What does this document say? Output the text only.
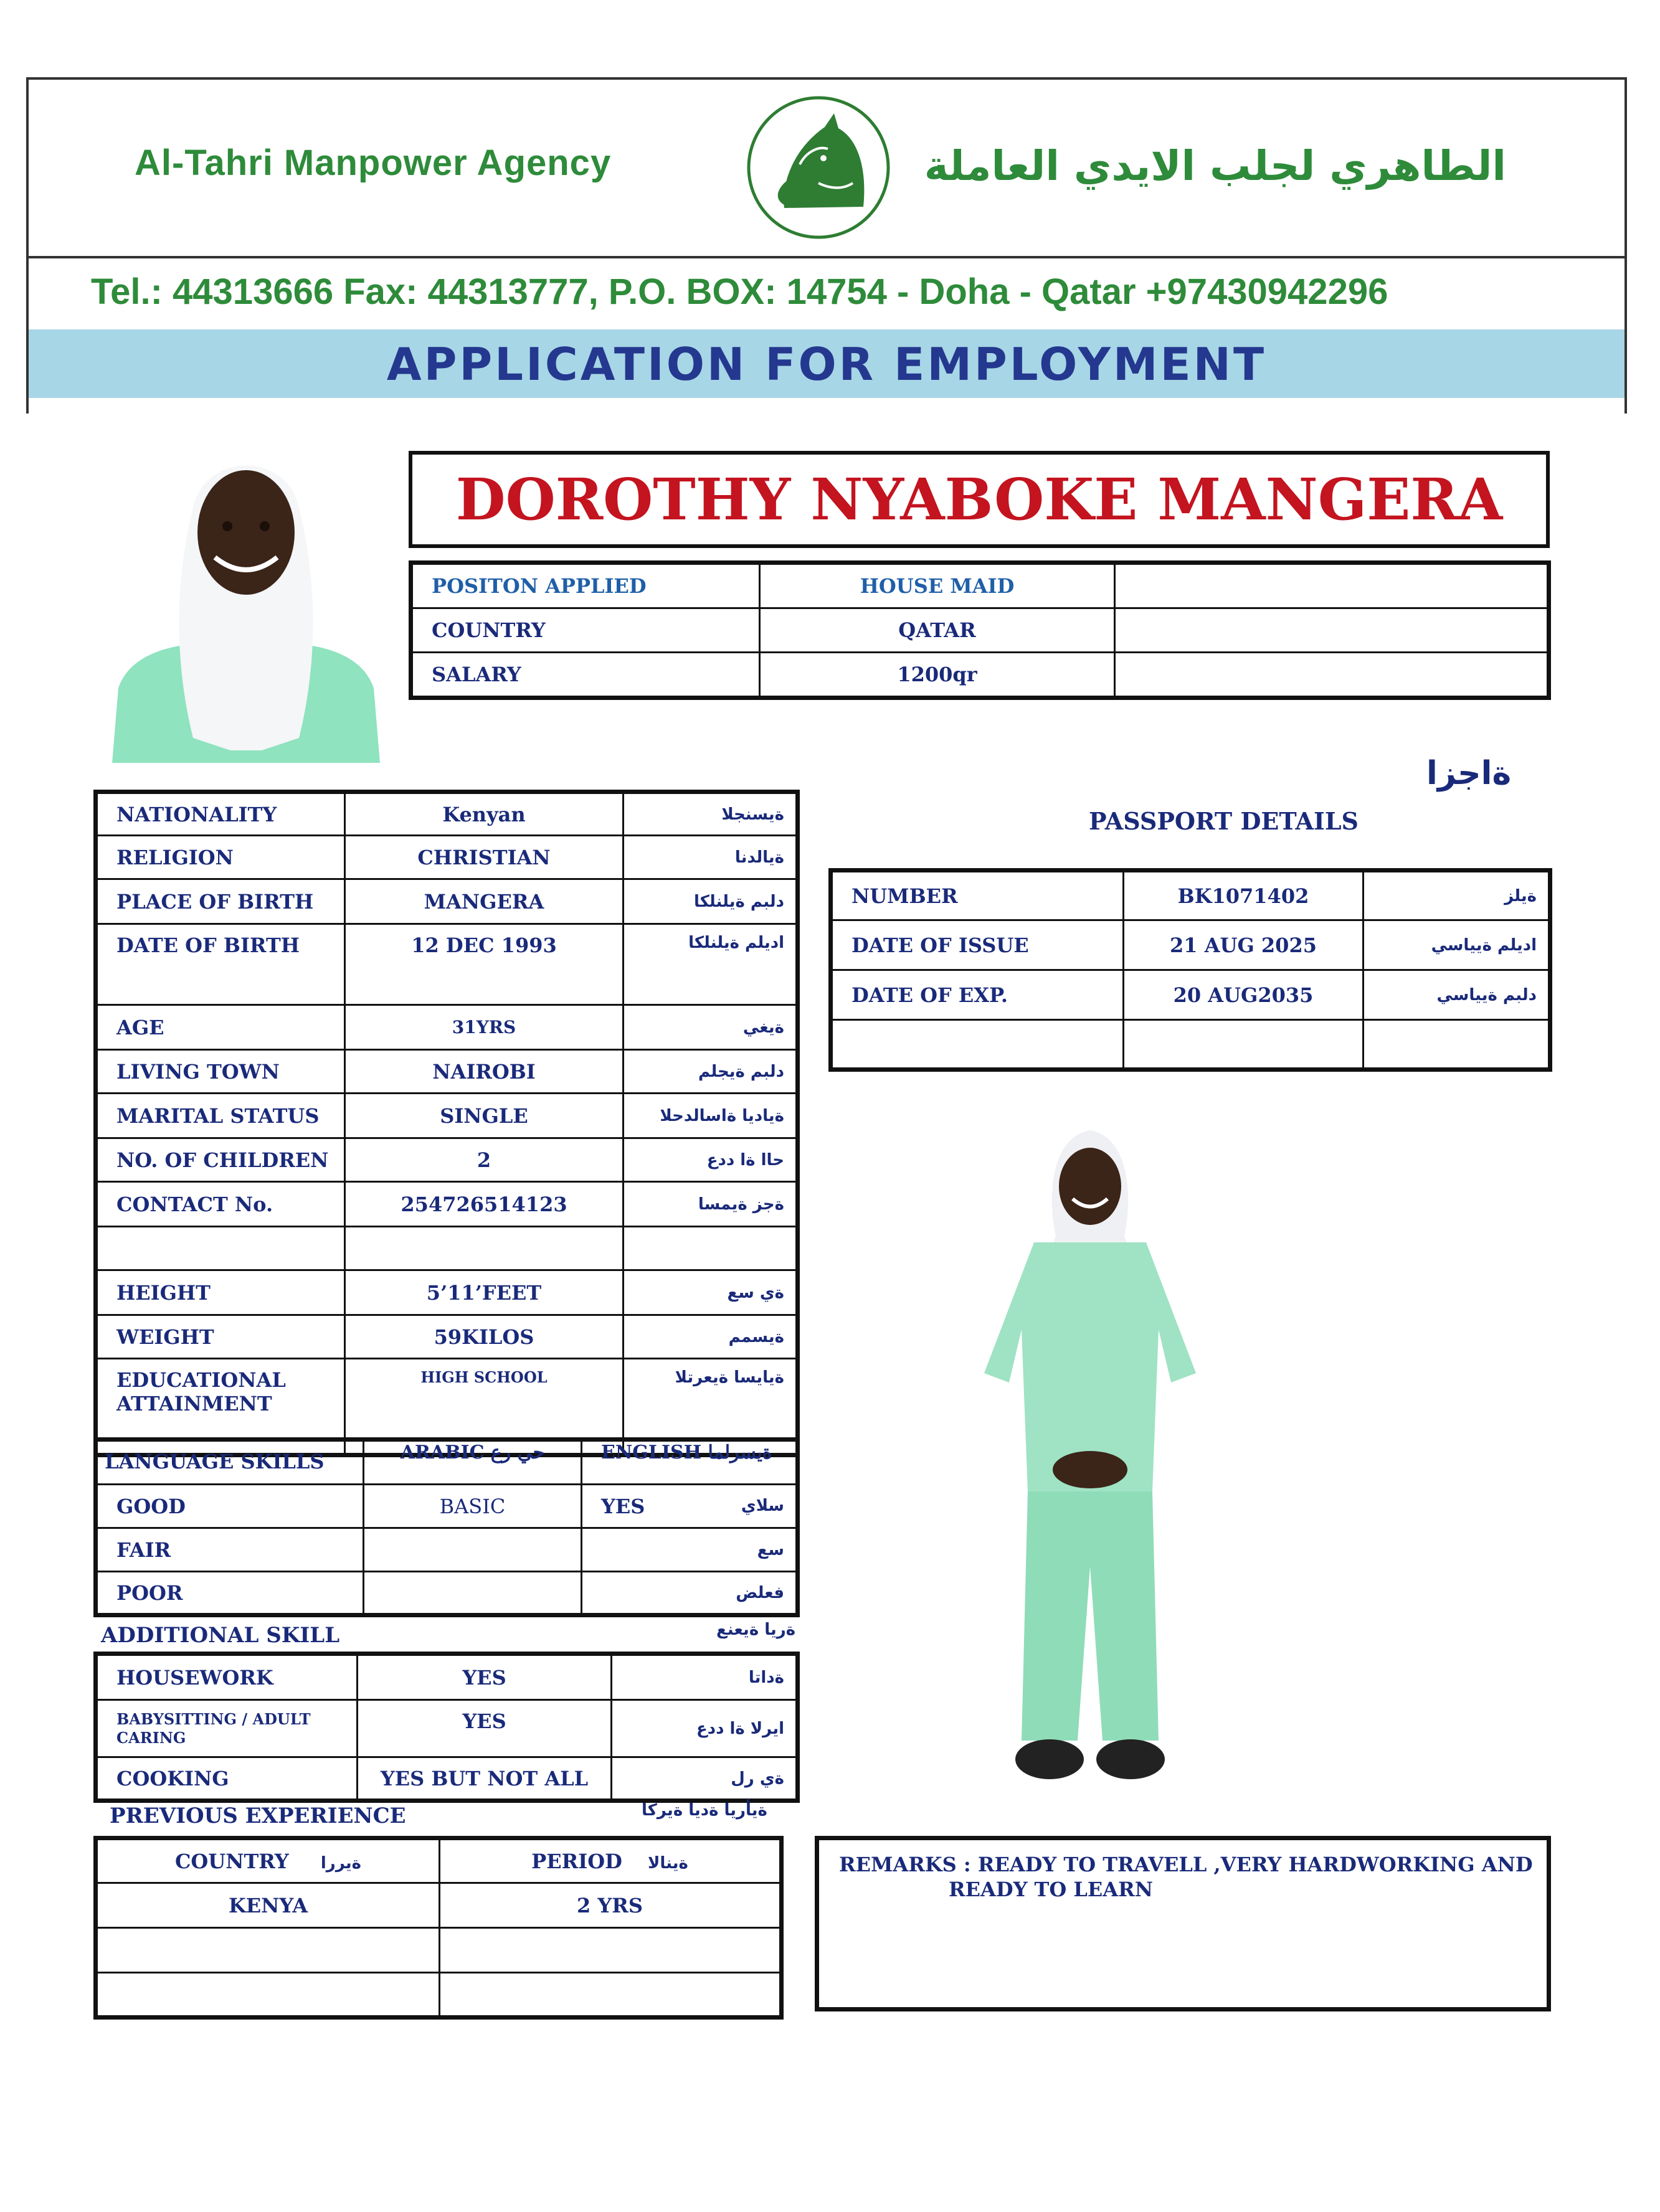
Al-Tahri Manpower Agency	الطاهري لجلب الايدي العاملة
Tel.: 44313666 Fax: 44313777, P.O. BOX: 14754 - Doha - Qatar +97430942296
APPLICATION FOR EMPLOYMENT
DOROTHY NYABOKE MANGERA
POSITON APPLIED	HOUSE MAID	
COUNTRY	QATAR	
SALARY	1200qr	
NATIONALITY	Kenyan	ةيسنجلا
RELIGION	CHRISTIAN	ةيالدنا
PLACE OF BIRTH	MANGERA	دلبم ةيلنلكا
DATE OF BIRTH	12 DEC 1993	اديلم ةيلنلكا
AGE	31YRS	ةيغي
LIVING TOWN	NAIROBI	دلبم ةيجلم
MARITAL STATUS	SINGLE	ةياديا ةاسالدحلا
NO. OF CHILDREN	2	حاا ةا ددع
CONTACT No.	254726514123	ةجز ةيمسا

HEIGHT	5’11’FEET	ةي سع
WEIGHT	59KILOS	ةيسمم
EDUCATIONAL ATTAINMENT	HIGH SCHOOL	ةيايسا ةيعرتلا
LANGUAGE SKILLS
		ARABIC حي رع	ENGLISH ةيسرلما
GOOD	BASIC	YES سلاي

FAIR		سع
POOR		فعلض
ADDITIONAL SKILL	ةريا ةيعنع
HOUSEWORK	YES	ةداتا
BABYSITTING / ADULT CARING	YES	ايرلا ةا ددع
COOKING	YES BUT NOT ALL	ةي رل
PREVIOUS EXPERIENCE	ةيأريا ةديا ةيركا
COUNTRY ةيررا	PERIOD ةينالا
KENYA	2 YRS

ةاجزا
PASSPORT DETAILS
NUMBER	BK1071402	ةيلز
DATE OF ISSUE	21 AUG 2025	اديلم ةيياسي
DATE OF EXP.	20 AUG2035	دلبم ةيياسي

REMARKS : READY TO TRAVELL ,VERY HARDWORKING AND
READY TO LEARN
